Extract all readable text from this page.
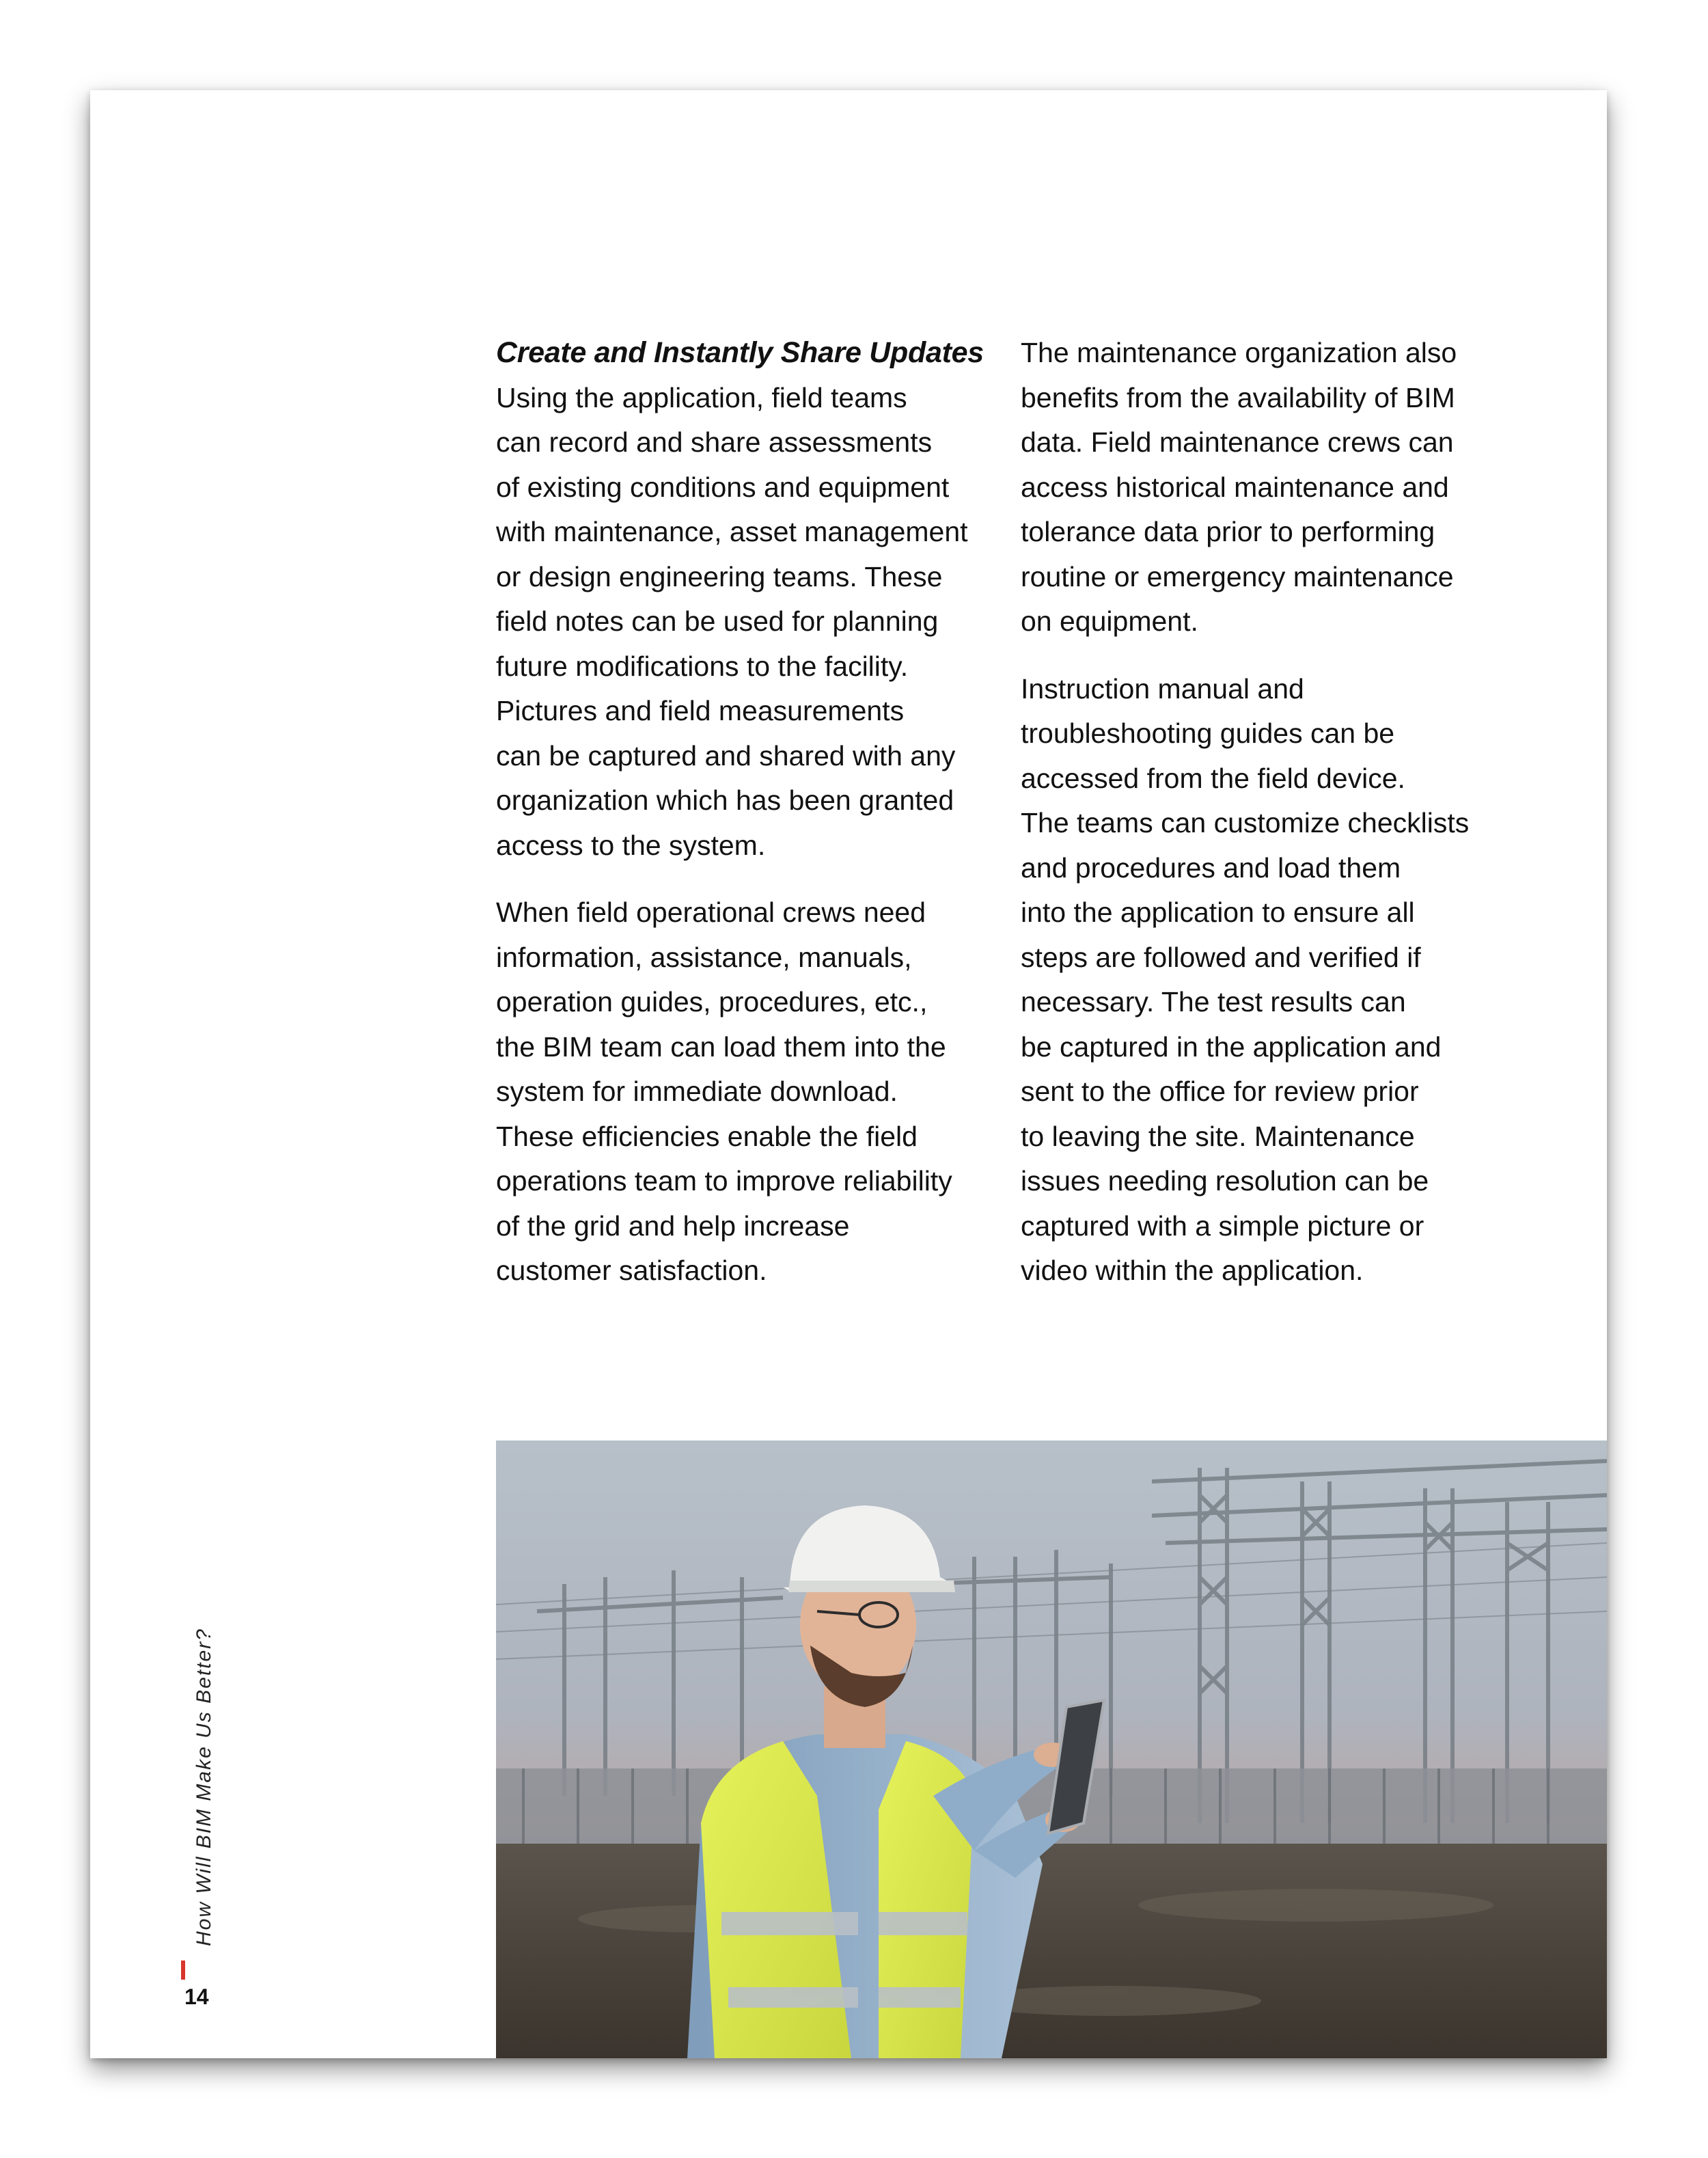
Create and Instantly Share Updates

Using the application, field teams
can record and share assessments
of existing conditions and equipment
with maintenance, asset management
or design engineering teams. These
field notes can be used for planning
future modifications to the facility.
Pictures and field measurements
can be captured and shared with any
organization which has been granted
access to the system.

When field operational crews need
information, assistance, manuals,
operation guides, procedures, etc.,
the BIM team can load them into the
system for immediate download.
These efficiencies enable the field
operations team to improve reliability
of the grid and help increase
customer satisfaction.

The maintenance organization also
benefits from the availability of BIM
data. Field maintenance crews can
access historical maintenance and
tolerance data prior to performing
routine or emergency maintenance
on equipment.

Instruction manual and
troubleshooting guides can be
accessed from the field device.
The teams can customize checklists
and procedures and load them
into the application to ensure all
steps are followed and verified if
necessary. The test results can
be captured in the application and
sent to the office for review prior
to leaving the site. Maintenance
issues needing resolution can be
captured with a simple picture or
video within the application.

How Will BIM Make Us Better?
14
